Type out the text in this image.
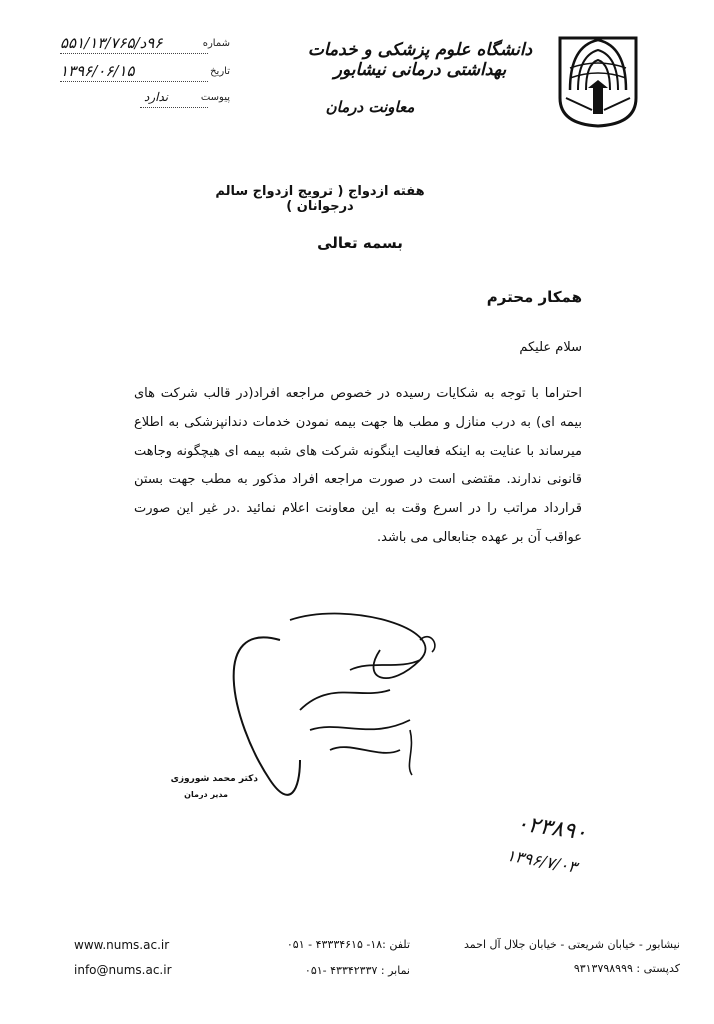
دانشگاه علوم پزشکی و خدمات بهداشتی درمانی نیشابور
معاونت درمان
شماره
۹۶د/۵۵۱/۱۳/۷۶۵
تاریخ
۱۳۹۶/۰۶/۱۵
پیوست
ندارد
هفته ازدواج ( ترویج ازدواج سالم درجوانان )
بسمه تعالی
همکار محترم
سلام علیکم
احتراما با توجه به شکایات رسیده در خصوص مراجعه افراد(در قالب شرکت های بیمه ای) به درب منازل و مطب ها جهت بیمه نمودن خدمات دندانپزشکی به اطلاع میرساند با عنایت به اینکه فعالیت اینگونه شرکت های شبه بیمه ای هیچگونه وجاهت قانونی ندارند. مقتضی است در صورت مراجعه افراد مذکور به مطب جهت بستن قرارداد مراتب را در اسرع وقت به این معاونت اعلام نمائید .در غیر این صورت عواقب آن بر عهده جنابعالی می باشد.
دکتر محمد شوروزی
مدیر درمان
۰۲۳۸۹۰
۱۳۹۶/۷/۰۳
www.nums.ac.ir
info@nums.ac.ir
تلفن :۱۸- ۴۳۳۳۴۶۱۵ - ۰۵۱
نمابر : ۴۳۳۴۲۳۳۷ -۰۵۱
نیشابور - خیابان شریعتی - خیابان جلال آل احمد
کدپستی : ۹۳۱۳۷۹۸۹۹۹
